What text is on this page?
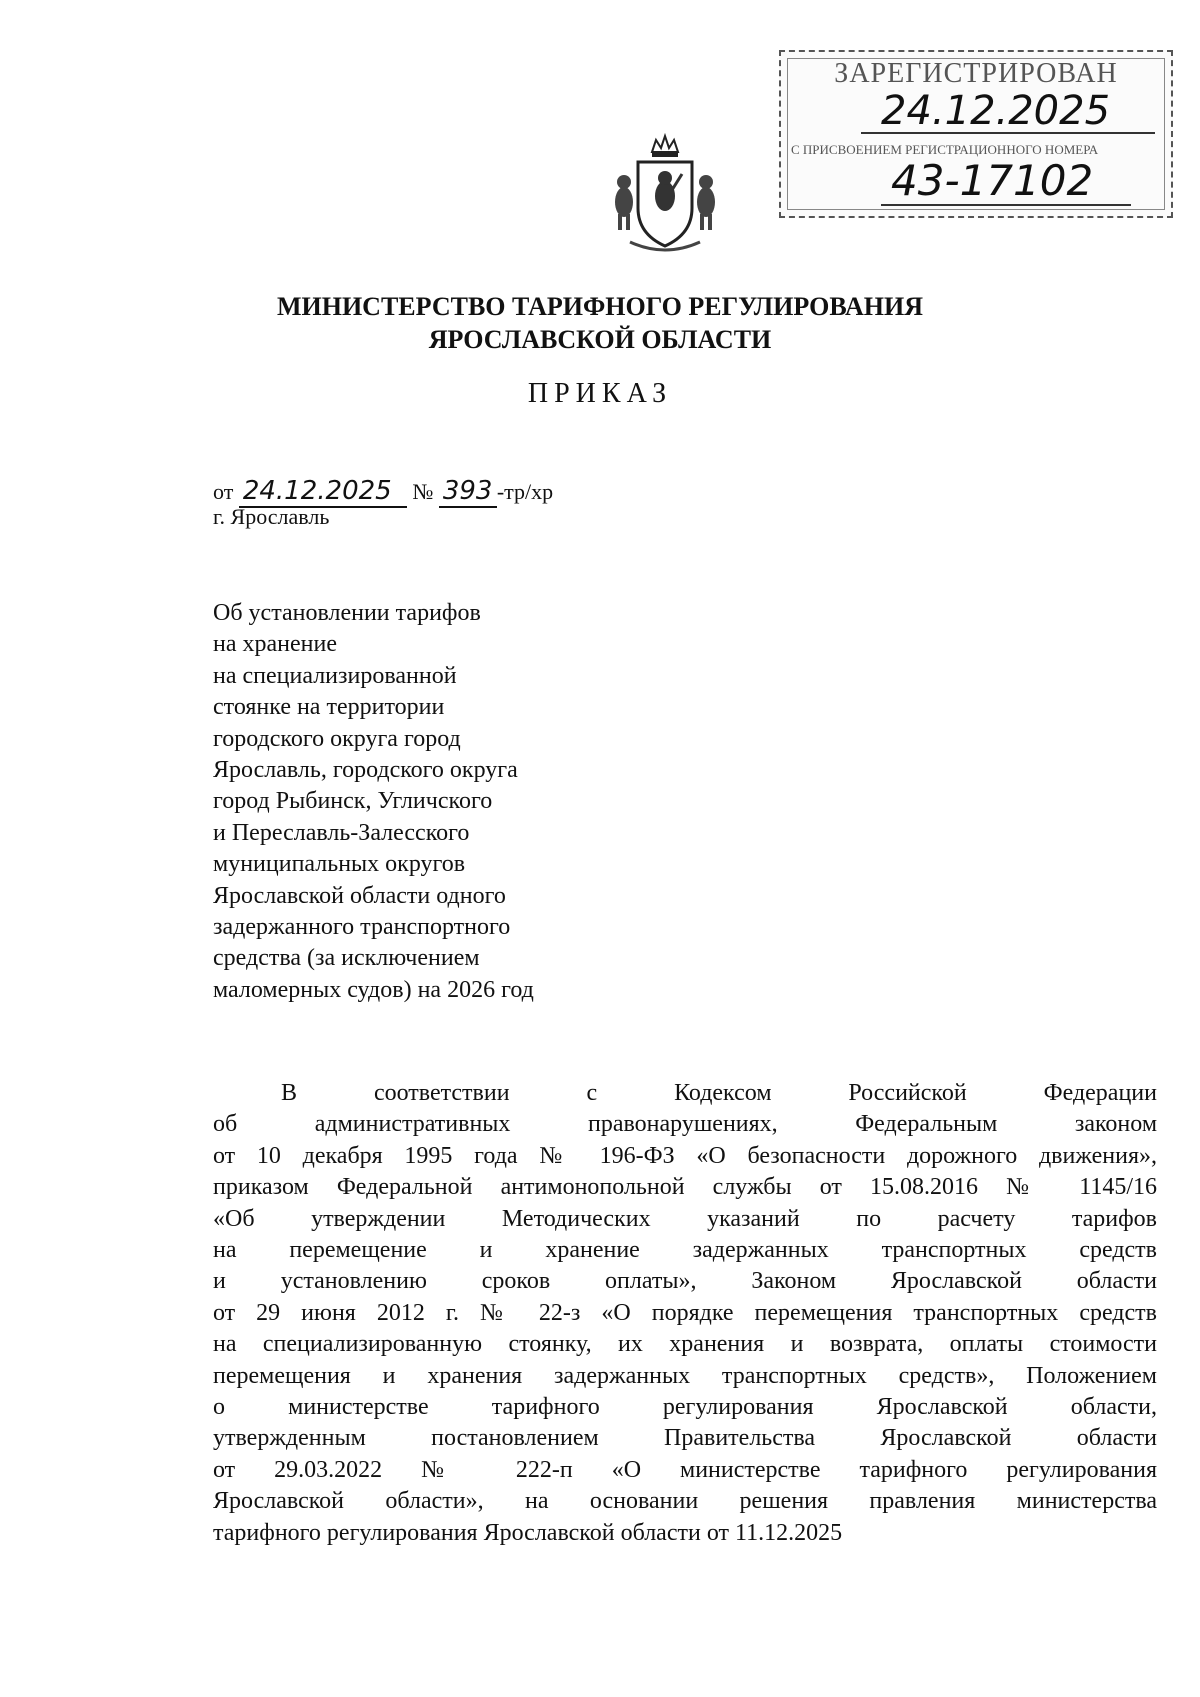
ЗАРЕГИСТРИРОВАН
24.12.2025
С ПРИСВОЕНИЕМ РЕГИСТРАЦИОННОГО НОМЕРА
43-17102
МИНИСТЕРСТВО ТАРИФНОГО РЕГУЛИРОВАНИЯ
ЯРОСЛАВСКОЙ ОБЛАСТИ
ПРИКАЗ
от 24.12.2025 № 393 -тр/хр
г. Ярославль
Об установлении тарифов
на хранение
на специализированной
стоянке на территории
городского округа город
Ярославль, городского округа
город Рыбинск, Угличского
и Переславль-Залесского
муниципальных округов
Ярославской области одного
задержанного транспортного
средства (за исключением
маломерных судов) на 2026 год
В соответствии с Кодексом Российской Федерации
об административных правонарушениях, Федеральным законом
от 10 декабря 1995 года № 196-ФЗ «О безопасности дорожного движения»,
приказом Федеральной антимонопольной службы от 15.08.2016 № 1145/16
«Об утверждении Методических указаний по расчету тарифов
на перемещение и хранение задержанных транспортных средств
и установлению сроков оплаты», Законом Ярославской области
от 29 июня 2012 г. № 22-з «О порядке перемещения транспортных средств
на специализированную стоянку, их хранения и возврата, оплаты стоимости
перемещения и хранения задержанных транспортных средств», Положением
о министерстве тарифного регулирования Ярославской области,
утвержденным постановлением Правительства Ярославской области
от 29.03.2022 № 222-п «О министерстве тарифного регулирования
Ярославской области», на основании решения правления министерства
тарифного регулирования Ярославской области от 11.12.2025
